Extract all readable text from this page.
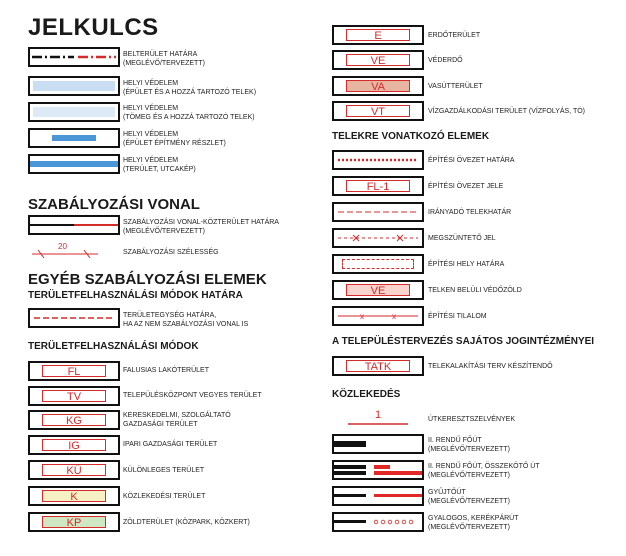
JELKULCS
BELTERÜLET HATÁRA
(MEGLÉVŐ/TERVEZETT)
HELYI VÉDELEM
(ÉPÜLET ÉS A HOZZÁ TARTOZÓ TELEK)
HELYI VÉDELEM
(TÖMEG ÉS A HOZZÁ TARTOZÓ TELEK)
HELYI VÉDELEM
(ÉPÜLET ÉPÍTMÉNY RÉSZLET)
HELYI VÉDELEM
(TERÜLET, UTCAKÉP)
SZABÁLYOZÁSI VONAL
SZABÁLYOZÁSI VONAL-KÖZTERÜLET HATÁRA
(MEGLÉVŐ/TERVEZETT)
20
SZABÁLYOZÁSI SZÉLESSÉG
EGYÉB SZABÁLYOZÁSI ELEMEK
TERÜLETFELHASZNÁLÁSI MÓDOK HATÁRA
TERÜLETEGYSÉG HATÁRA,
HA AZ NEM SZABÁLYOZÁSI VONAL IS
TERÜLETFELHASZNÁLÁSI MÓDOK
FL	FALUSIAS LAKÓTERÜLET
TV	TELEPÜLÉSKÖZPONT VEGYES TERÜLET
KG	KERESKEDELMI, SZOLGÁLTATÓ
GAZDASÁGI TERÜLET
IG	IPARI GAZDASÁGI TERÜLET
KÜ	KÜLÖNLEGES TERÜLET
K	KÖZLEKEDÉSI TERÜLET
KP	ZÖLDTERÜLET (KÖZPARK, KÖZKERT)
E	ERDŐTERÜLET
VE	VÉDERDŐ
VA	VASÚTTERÜLET
VT	VÍZGAZDÁLKODÁSI TERÜLET (VÍZFOLYÁS, TÓ)
TELEKRE VONATKOZÓ ELEMEK
ÉPÍTÉSI ÖVEZET HATÁRA
FL-1	ÉPÍTÉSI ÖVEZET JELE
IRÁNYADÓ TELEKHATÁR
MEGSZÜNTETŐ JEL
ÉPÍTÉSI HELY HATÁRA
VE	TELKEN BELÜLI VÉDŐZÖLD
x	x	ÉPÍTÉSI TILALOM
A TELEPÜLÉSTERVEZÉS SAJÁTOS JOGINTÉZMÉNYEI
TATK	TELEKALAKÍTÁSI TERV KÉSZÍTENDŐ
KÖZLEKEDÉS
1	ÚTKERESZTSZELVÉNYEK
II. RENDŰ FŐÚT
(MEGLÉVŐ/TERVEZETT)
II. RENDŰ FŐÚT, ÖSSZEKÖTŐ ÚT
(MEGLÉVŐ/TERVEZETT)
GYŰJTŐÚT
(MEGLÉVŐ/TERVEZETT)
GYALOGOS, KERÉKPÁRÚT
(MEGLÉVŐ/TERVEZETT)
